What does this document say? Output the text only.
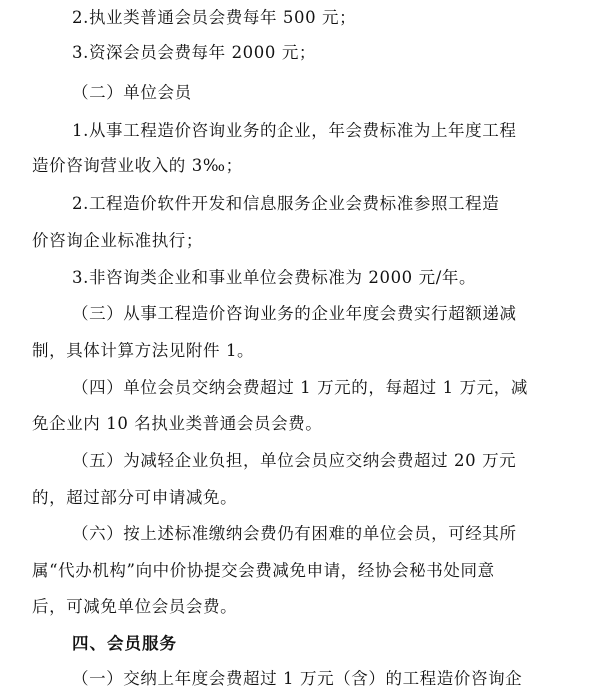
2.执业类普通会员会费每年 500 元；
3.资深会员会费每年 2000 元；
（二）单位会员
1.从事工程造价咨询业务的企业，年会费标准为上年度工程
造价咨询营业收入的 3‰；
2.工程造价软件开发和信息服务企业会费标准参照工程造
价咨询企业标准执行；
3.非咨询类企业和事业单位会费标准为 2000 元/年。
（三）从事工程造价咨询业务的企业年度会费实行超额递减
制，具体计算方法见附件 1。
（四）单位会员交纳会费超过 1 万元的，每超过 1 万元，减
免企业内 10 名执业类普通会员会费。
（五）为减轻企业负担，单位会员应交纳会费超过 20 万元
的，超过部分可申请减免。
（六）按上述标准缴纳会费仍有困难的单位会员，可经其所
属“代办机构”向中价协提交会费减免申请，经协会秘书处同意
后，可减免单位会员会费。
四、会员服务
（一）交纳上年度会费超过 1 万元（含）的工程造价咨询企
